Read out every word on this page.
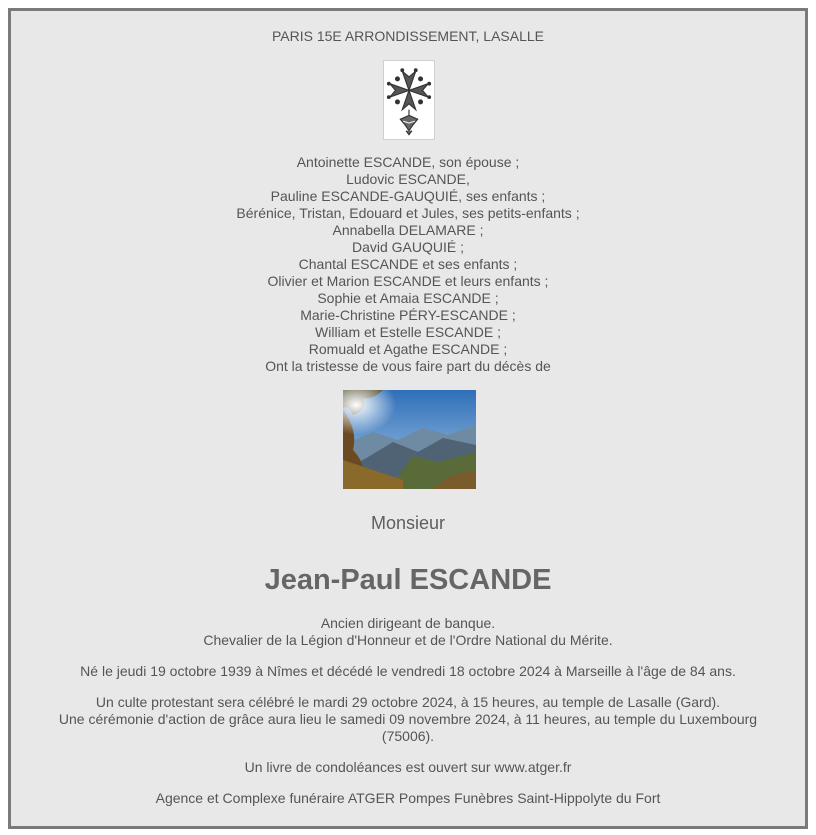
PARIS 15E ARRONDISSEMENT, LASALLE
Antoinette ESCANDE, son épouse ;
Ludovic ESCANDE,
Pauline ESCANDE-GAUQUIÉ, ses enfants ;
Bérénice, Tristan, Edouard et Jules, ses petits-enfants ;
Annabella DELAMARE ;
David GAUQUIÉ ;
Chantal ESCANDE et ses enfants ;
Olivier et Marion ESCANDE et leurs enfants ;
Sophie et Amaia ESCANDE ;
Marie-Christine PÉRY-ESCANDE ;
William et Estelle ESCANDE ;
Romuald et Agathe ESCANDE ;
Ont la tristesse de vous faire part du décès de
Monsieur
Jean-Paul ESCANDE

Ancien dirigeant de banque.

Chevalier de la Légion d'Honneur et de l'Ordre National du Mérite.

Né le jeudi 19 octobre 1939 à Nîmes et décédé le vendredi 18 octobre 2024 à Marseille à l'âge de 84 ans.

Un culte protestant sera célébré le mardi 29 octobre 2024, à 15 heures, au temple de Lasalle (Gard).

Une cérémonie d'action de grâce aura lieu le samedi 09 novembre 2024, à 11 heures, au temple du Luxembourg (75006).

Un livre de condoléances est ouvert sur www.atger.fr

Agence et Complexe funéraire ATGER Pompes Funèbres Saint-Hippolyte du Fort
